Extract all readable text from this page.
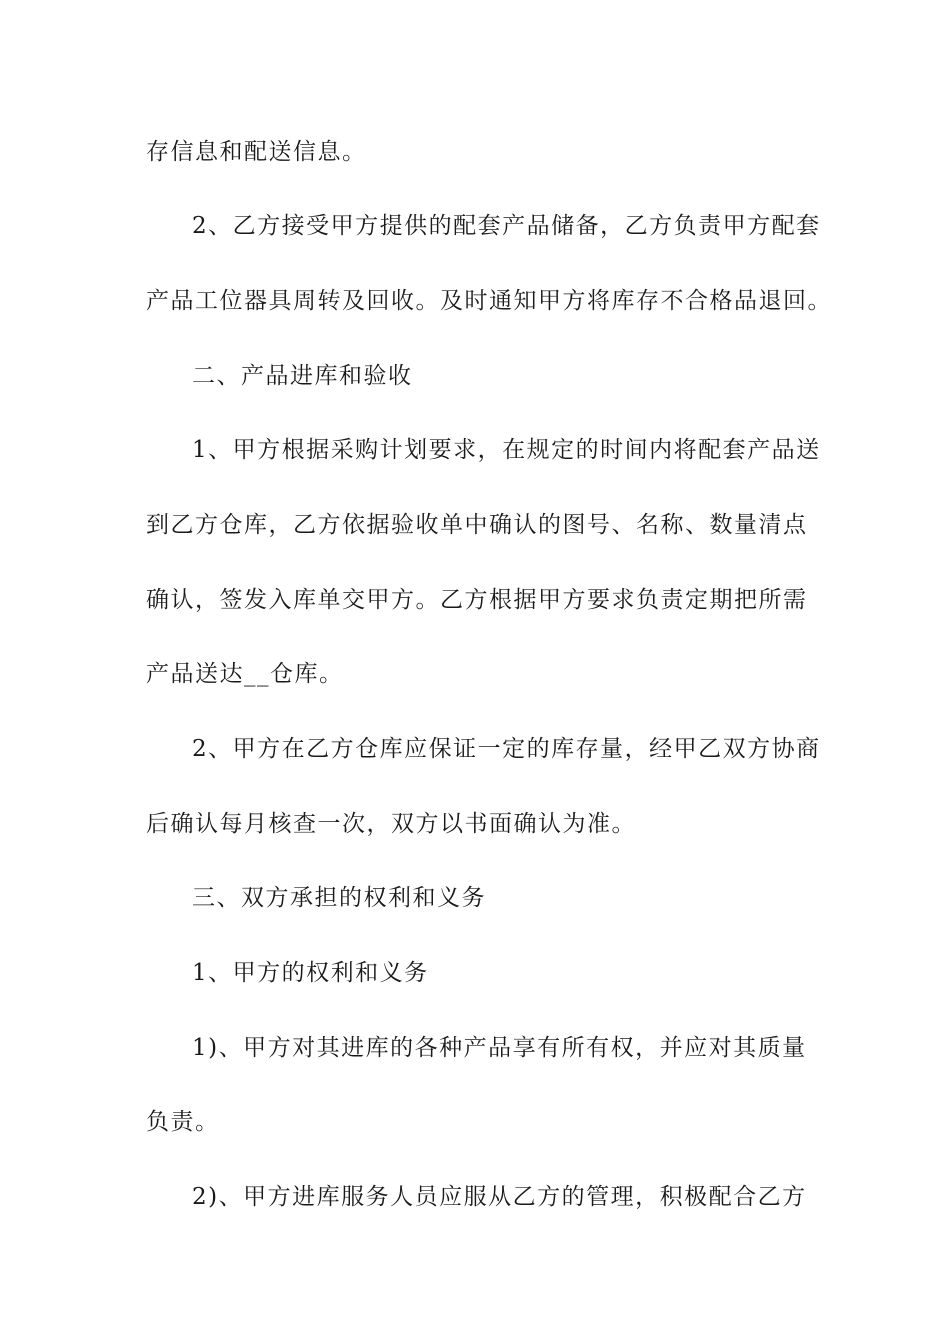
存信息和配送信息。
2、乙方接受甲方提供的配套产品储备，乙方负责甲方配套
产品工位器具周转及回收。及时通知甲方将库存不合格品退回。
二、产品进库和验收
1、甲方根据采购计划要求，在规定的时间内将配套产品送
到乙方仓库，乙方依据验收单中确认的图号、名称、数量清点
确认，签发入库单交甲方。乙方根据甲方要求负责定期把所需
产品送达__仓库。
2、甲方在乙方仓库应保证一定的库存量，经甲乙双方协商
后确认每月核查一次，双方以书面确认为准。
三、双方承担的权利和义务
1、甲方的权利和义务
1)、甲方对其进库的各种产品享有所有权，并应对其质量
负责。
2)、甲方进库服务人员应服从乙方的管理，积极配合乙方
